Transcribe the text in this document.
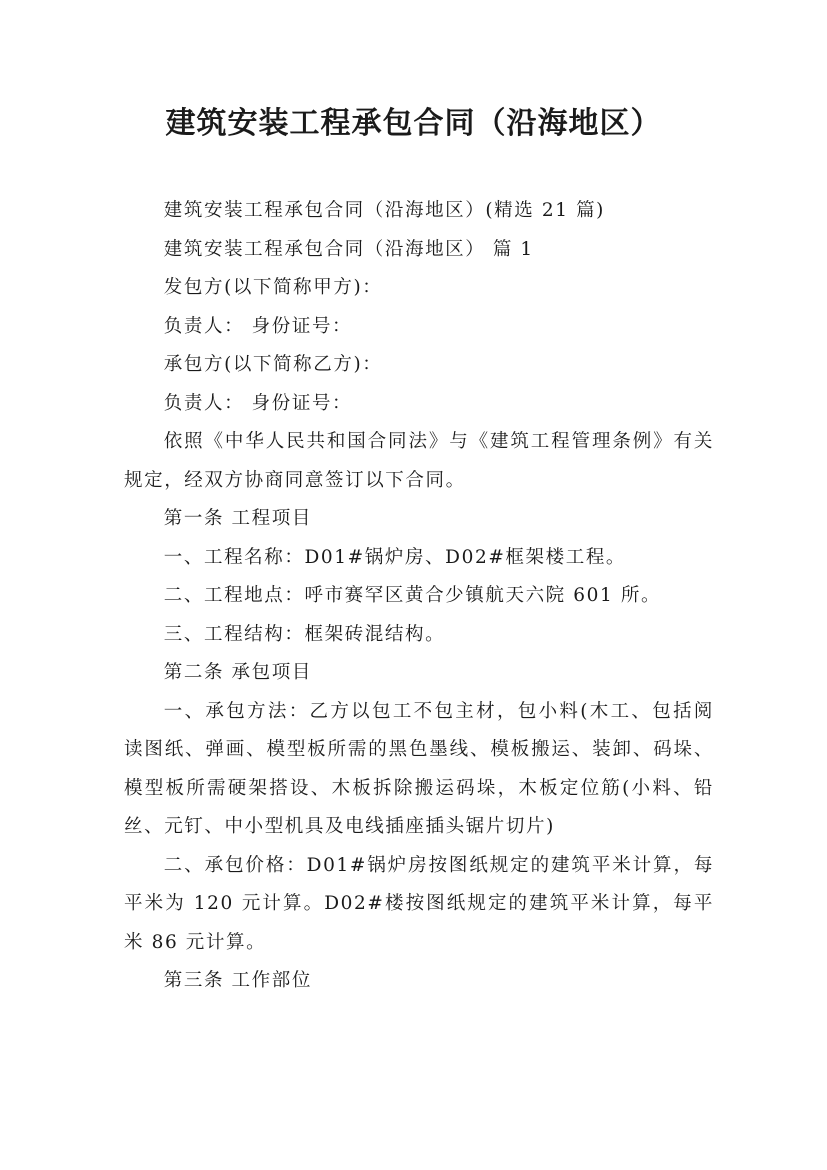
建筑安装工程承包合同（沿海地区）

建筑安装工程承包合同（沿海地区）(精选 21 篇)

建筑安装工程承包合同（沿海地区） 篇 1

发包方(以下简称甲方)：

负责人： 身份证号：

承包方(以下简称乙方)：

负责人： 身份证号：

依照《中华人民共和国合同法》与《建筑工程管理条例》有关规定，经双方协商同意签订以下合同。

第一条 工程项目

一、工程名称：D01#锅炉房、D02#框架楼工程。

二、工程地点：呼市赛罕区黄合少镇航天六院 601 所。

三、工程结构：框架砖混结构。

第二条 承包项目

一、承包方法：乙方以包工不包主材，包小料(木工、包括阅读图纸、弹画、模型板所需的黑色墨线、模板搬运、装卸、码垛、模型板所需硬架搭设、木板拆除搬运码垛，木板定位筋(小料、铅丝、元钉、中小型机具及电线插座插头锯片切片)

二、承包价格：D01#锅炉房按图纸规定的建筑平米计算，每平米为 120 元计算。D02#楼按图纸规定的建筑平米计算，每平米 86 元计算。

第三条 工作部位
